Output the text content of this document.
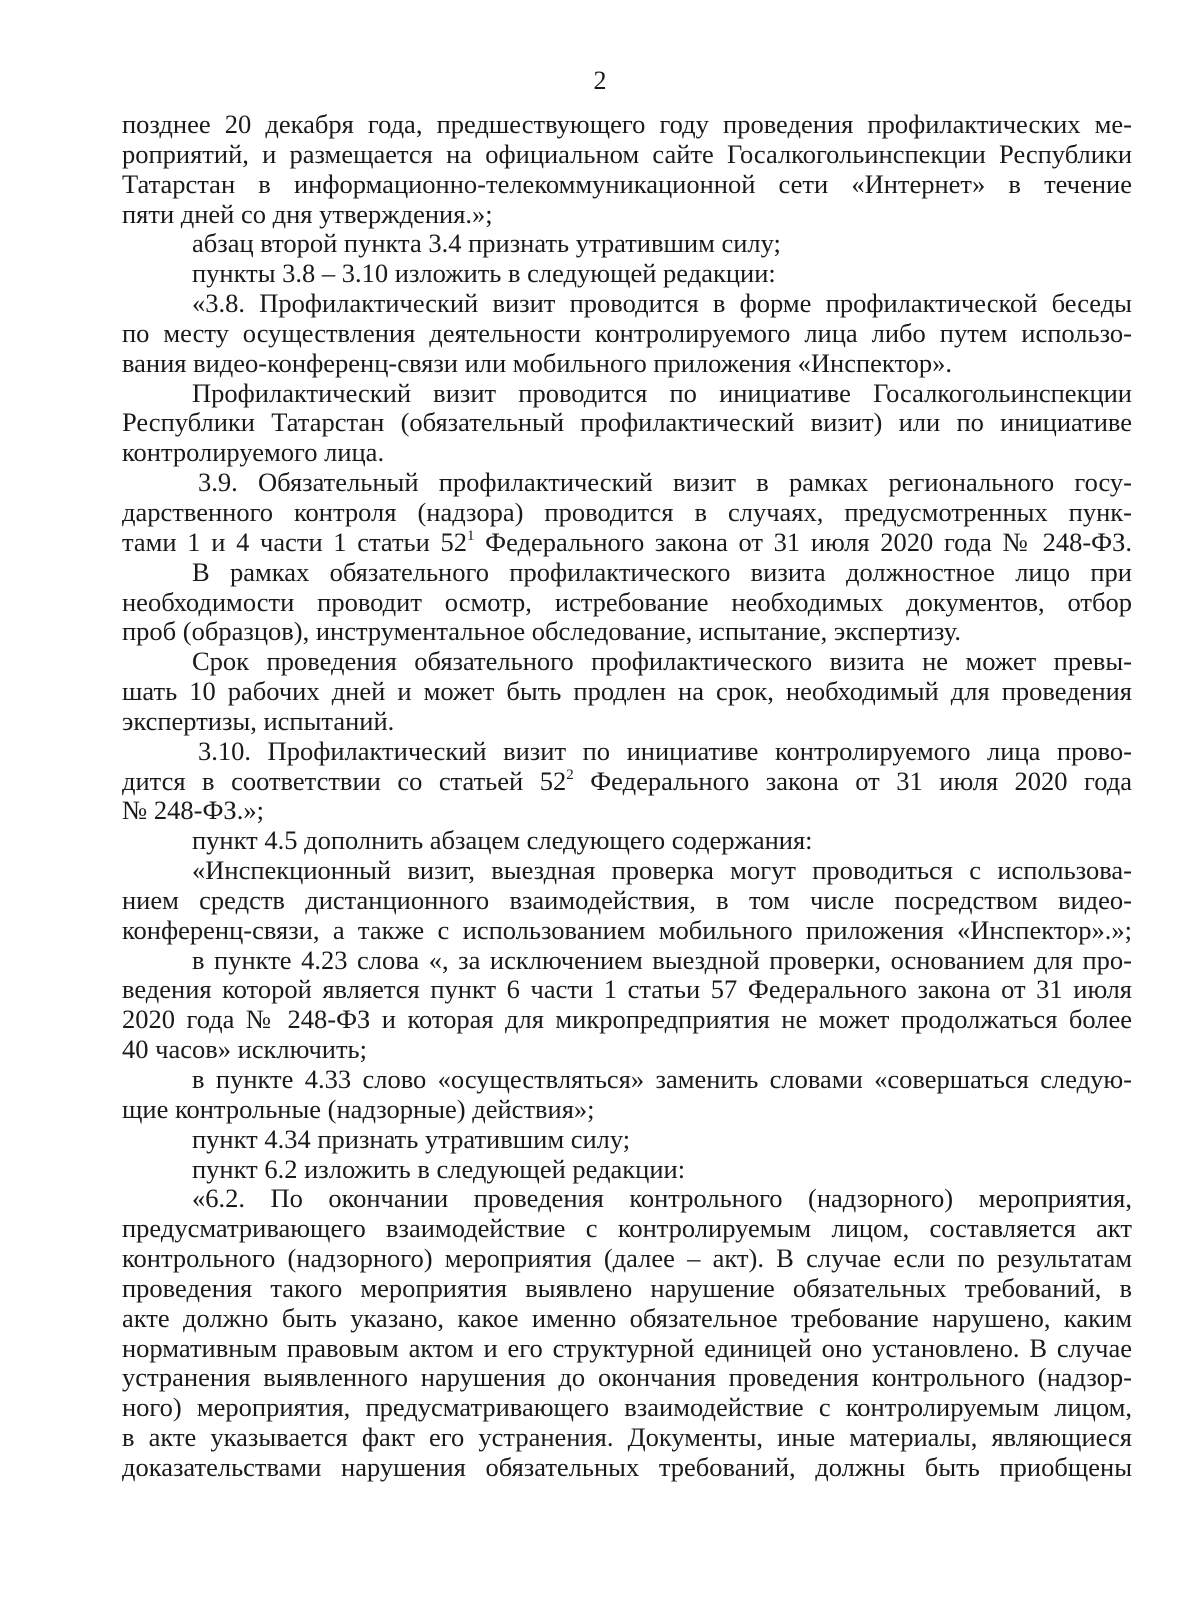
2
позднее 20 декабря года, предшествующего году проведения профилактических ме-
роприятий, и размещается на официальном сайте Госалкогольинспекции Республики
Татарстан в информационно-телекоммуникационной сети «Интернет» в течение
пяти дней со дня утверждения.»;
абзац второй пункта 3.4 признать утратившим силу;
пункты 3.8 – 3.10 изложить в следующей редакции:
«3.8. Профилактический визит проводится в форме профилактической беседы
по месту осуществления деятельности контролируемого лица либо путем использо-
вания видео-конференц-связи или мобильного приложения «Инспектор».
Профилактический визит проводится по инициативе Госалкогольинспекции
Республики Татарстан (обязательный профилактический визит) или по инициативе
контролируемого лица.
3.9. Обязательный профилактический визит в рамках регионального госу-
дарственного контроля (надзора) проводится в случаях, предусмотренных пунк-
тами 1 и 4 части 1 статьи $52^1$ Федерального закона от 31 июля 2020 года № 248-ФЗ.
В рамках обязательного профилактического визита должностное лицо при
необходимости проводит осмотр, истребование необходимых документов, отбор
проб (образцов), инструментальное обследование, испытание, экспертизу.
Срок проведения обязательного профилактического визита не может превы-
шать 10 рабочих дней и может быть продлен на срок, необходимый для проведения
экспертизы, испытаний.
3.10. Профилактический визит по инициативе контролируемого лица прово-
дится в соответствии со статьей $52^2$ Федерального закона от 31 июля 2020 года
№ 248-ФЗ.»;
пункт 4.5 дополнить абзацем следующего содержания:
«Инспекционный визит, выездная проверка могут проводиться с использова-
нием средств дистанционного взаимодействия, в том числе посредством видео-
конференц-связи, а также с использованием мобильного приложения «Инспектор».»;
в пункте 4.23 слова «, за исключением выездной проверки, основанием для про-
ведения которой является пункт 6 части 1 статьи 57 Федерального закона от 31 июля
2020 года № 248-ФЗ и которая для микропредприятия не может продолжаться более
40 часов» исключить;
в пункте 4.33 слово «осуществляться» заменить словами «совершаться следую-
щие контрольные (надзорные) действия»;
пункт 4.34 признать утратившим силу;
пункт 6.2 изложить в следующей редакции:
«6.2. По окончании проведения контрольного (надзорного) мероприятия,
предусматривающего взаимодействие с контролируемым лицом, составляется акт
контрольного (надзорного) мероприятия (далее – акт). В случае если по результатам
проведения такого мероприятия выявлено нарушение обязательных требований, в
акте должно быть указано, какое именно обязательное требование нарушено, каким
нормативным правовым актом и его структурной единицей оно установлено. В случае
устранения выявленного нарушения до окончания проведения контрольного (надзор-
ного) мероприятия, предусматривающего взаимодействие с контролируемым лицом,
в акте указывается факт его устранения. Документы, иные материалы, являющиеся
доказательствами нарушения обязательных требований, должны быть приобщены
